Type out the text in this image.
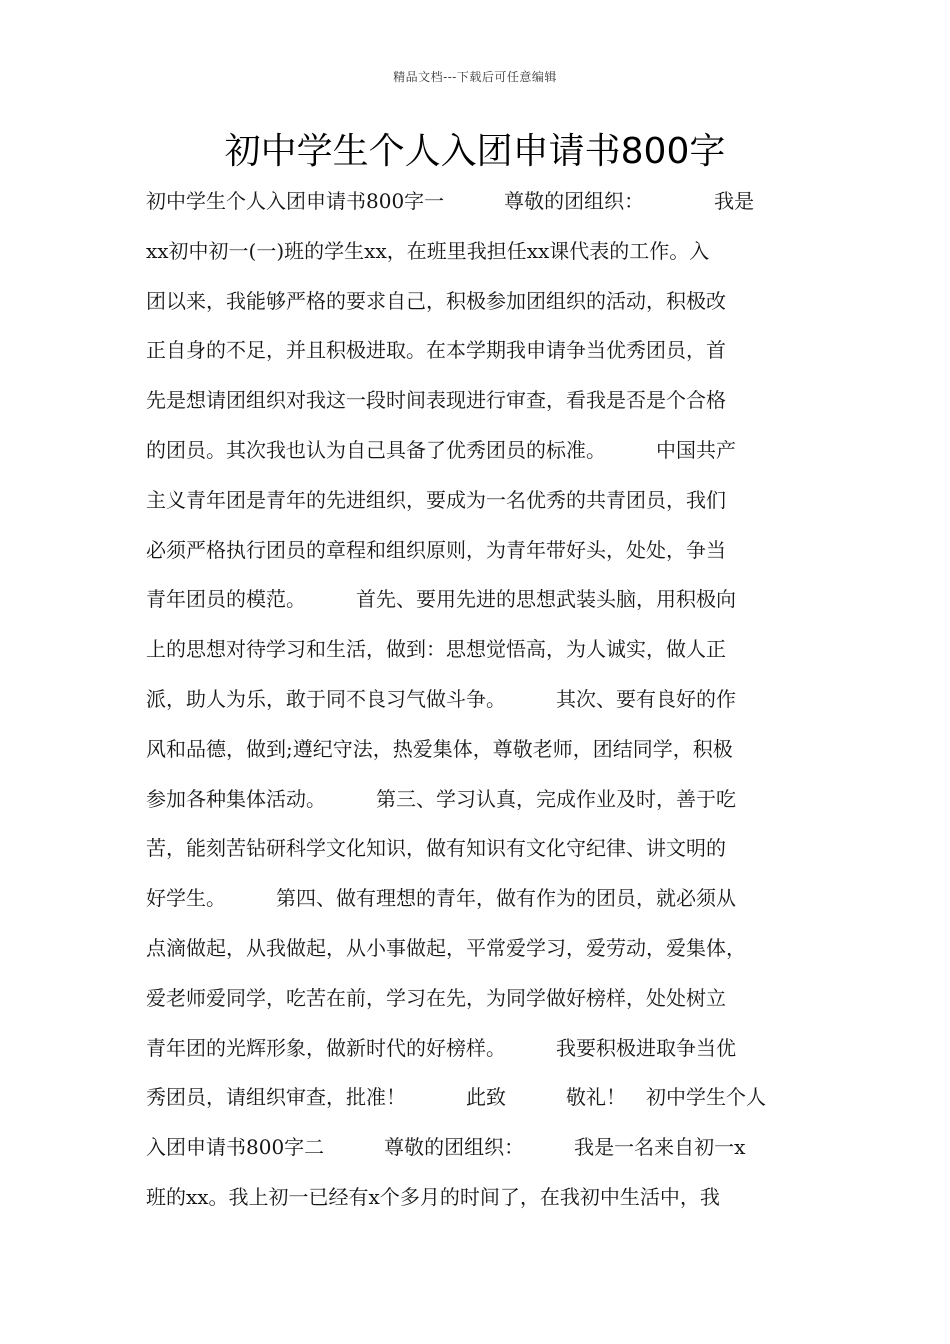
精品文档---下载后可任意编辑
初中学生个人入团申请书800字
初中学生个人入团申请书800字一　　　尊敬的团组织：　　　　我是
xx初中初一(一)班的学生xx，在班里我担任xx课代表的工作。入
团以来，我能够严格的要求自己，积极参加团组织的活动，积极改
正自身的不足，并且积极进取。在本学期我申请争当优秀团员，首
先是想请团组织对我这一段时间表现进行审查，看我是否是个合格
的团员。其次我也认为自己具备了优秀团员的标准。　　　中国共产
主义青年团是青年的先进组织，要成为一名优秀的共青团员，我们
必须严格执行团员的章程和组织原则，为青年带好头，处处，争当
青年团员的模范。　　　首先、要用先进的思想武装头脑，用积极向
上的思想对待学习和生活，做到：思想觉悟高，为人诚实，做人正
派，助人为乐，敢于同不良习气做斗争。　　　其次、要有良好的作
风和品德，做到;遵纪守法，热爱集体，尊敬老师，团结同学，积极
参加各种集体活动。　　　第三、学习认真，完成作业及时，善于吃
苦，能刻苦钻研科学文化知识，做有知识有文化守纪律、讲文明的
好学生。　　　第四、做有理想的青年，做有作为的团员，就必须从
点滴做起，从我做起，从小事做起，平常爱学习，爱劳动，爱集体，
爱老师爱同学，吃苦在前，学习在先，为同学做好榜样，处处树立
青年团的光辉形象，做新时代的好榜样。　　　我要积极进取争当优
秀团员，请组织审查，批准！　　　此致　　　敬礼！　初中学生个人
入团申请书800字二　　　尊敬的团组织：　　　我是一名来自初一x
班的xx。我上初一已经有x个多月的时间了，在我初中生活中，我
